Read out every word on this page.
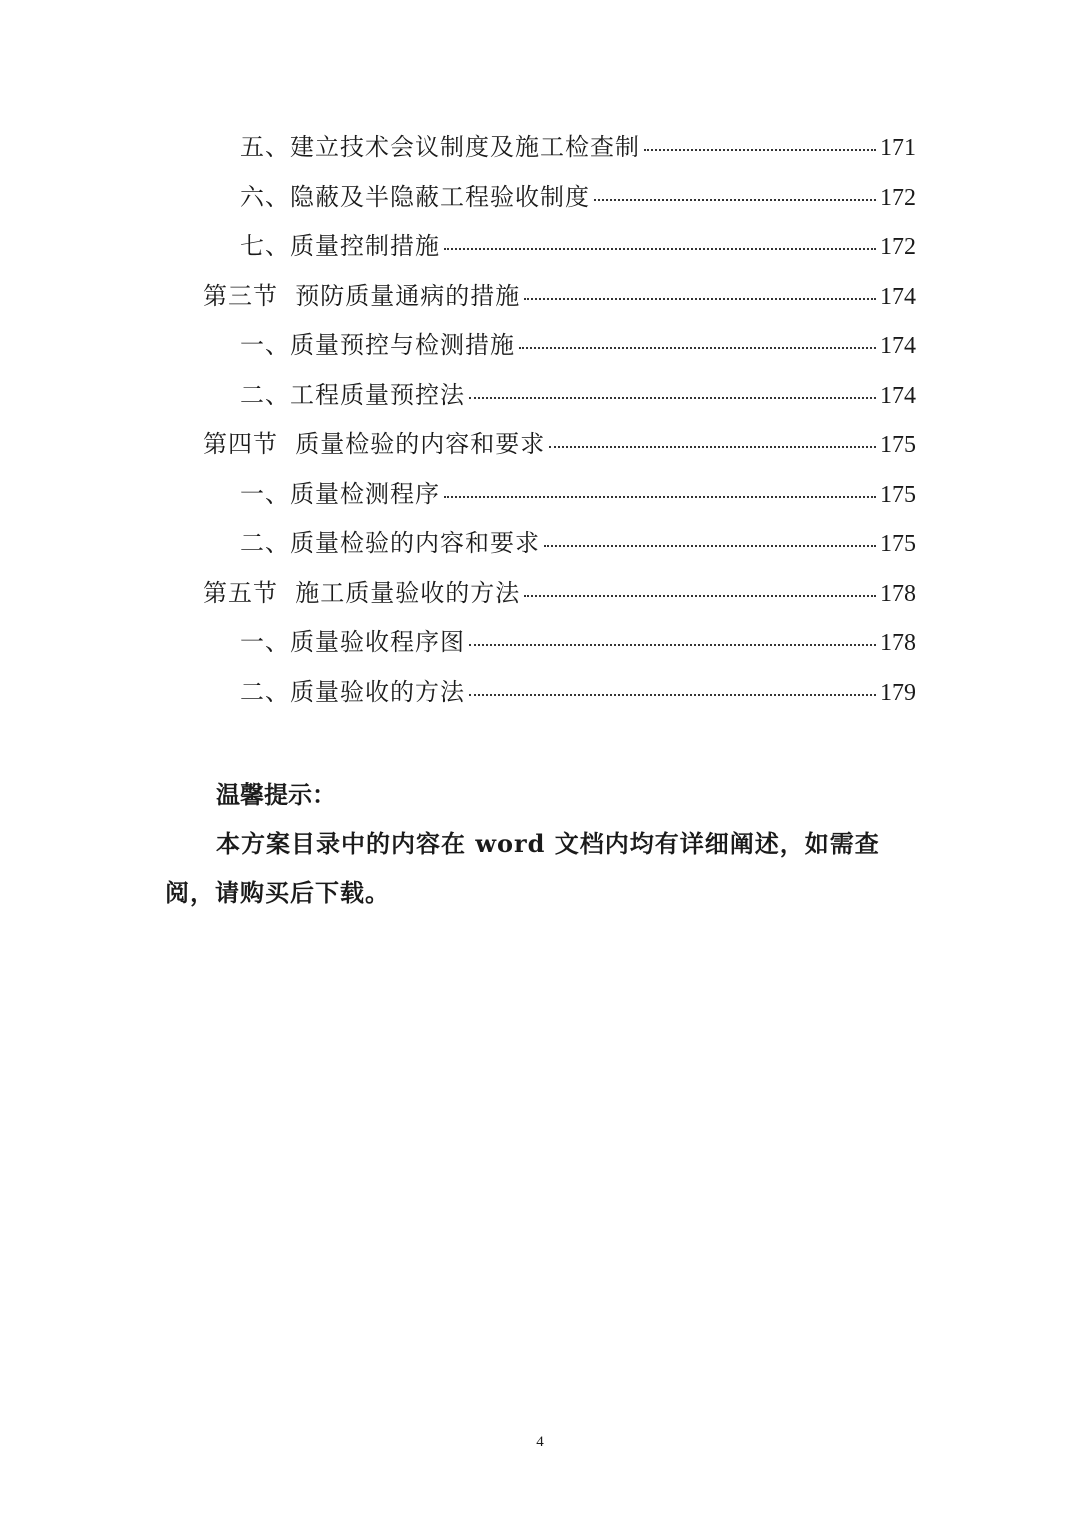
五、建立技术会议制度及施工检查制	171
六、隐蔽及半隐蔽工程验收制度	172
七、质量控制措施	172
第三节  预防质量通病的措施	174
一、质量预控与检测措施	174
二、工程质量预控法	174
第四节  质量检验的内容和要求	175
一、质量检测程序	175
二、质量检验的内容和要求	175
第五节  施工质量验收的方法	178
一、质量验收程序图	178
二、质量验收的方法	179
温馨提示：
本方案目录中的内容在 word 文档内均有详细阐述，如需查阅，请购买后下载。
4
